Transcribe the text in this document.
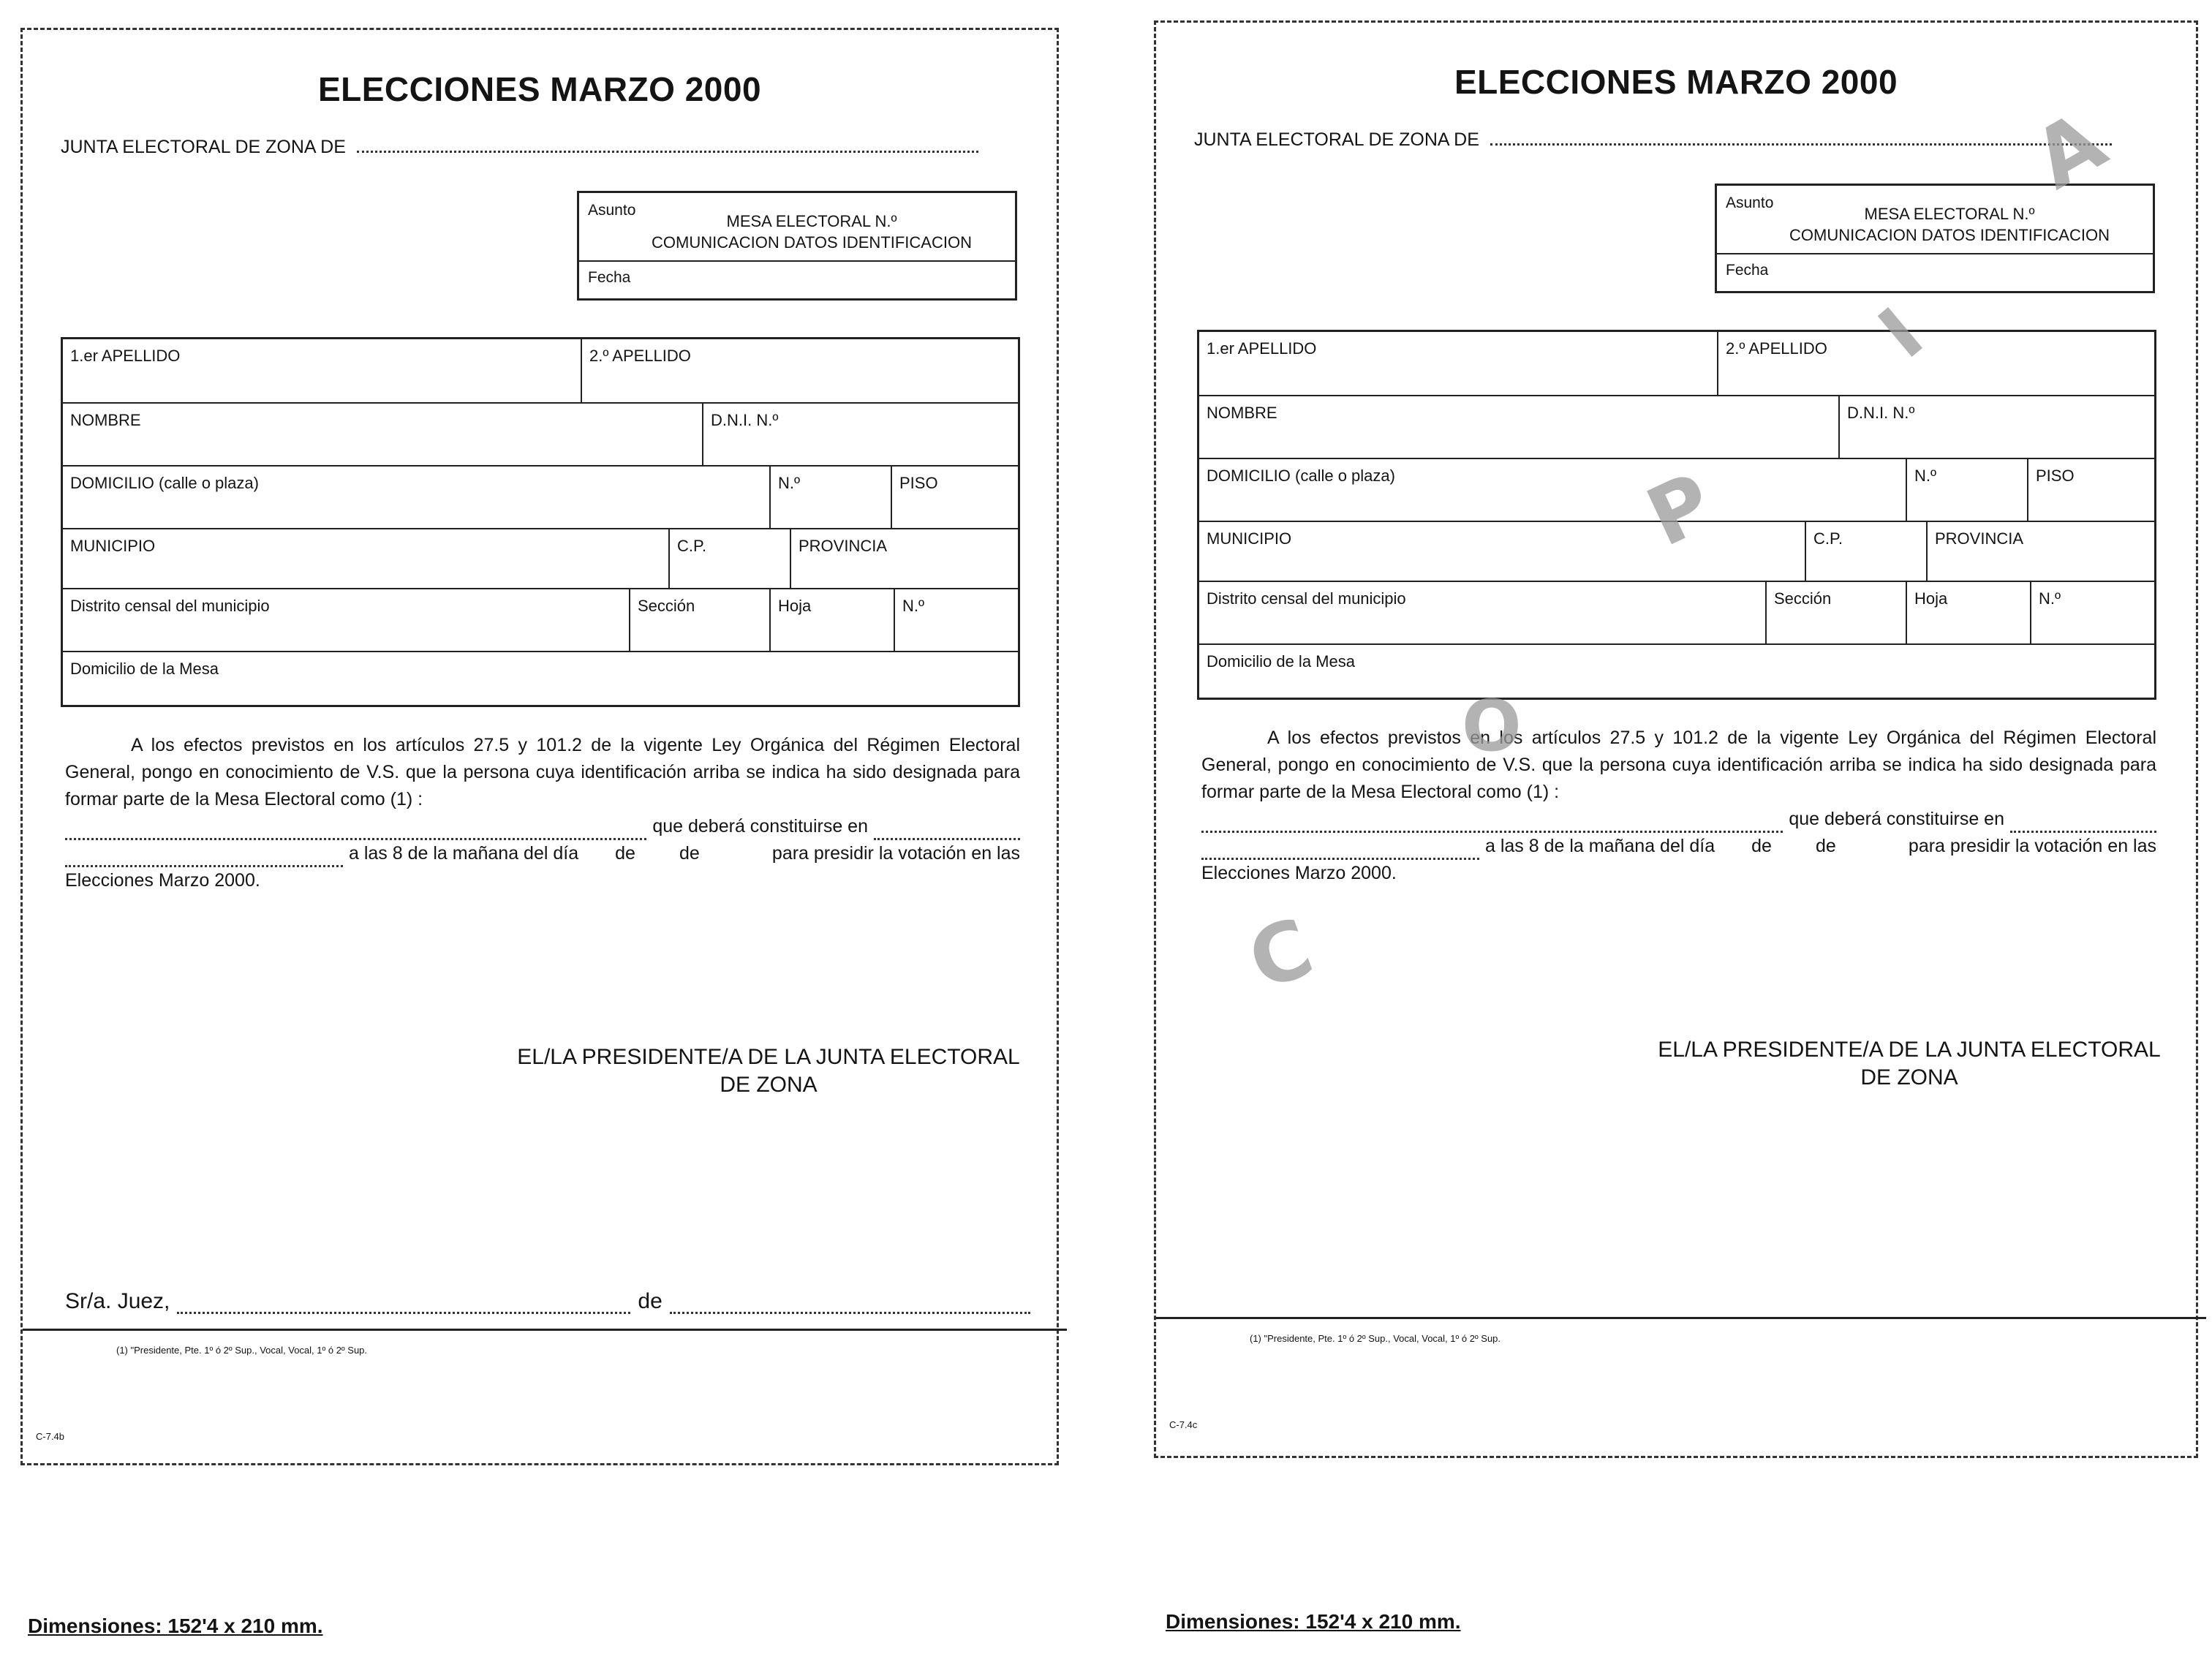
ELECCIONES MARZO 2000
JUNTA ELECTORAL DE ZONA DE
Asunto
MESA ELECTORAL N.º
COMUNICACION DATOS IDENTIFICACION
Fecha
1.er APELLIDO	2.º APELLIDO
NOMBRE	D.N.I. N.º
DOMICILIO (calle o plaza)	N.º	PISO
MUNICIPIO	C.P.	PROVINCIA
Distrito censal del municipio	Sección	Hoja	N.º
Domicilio de la Mesa

A los efectos previstos en los artículos 27.5 y 101.2 de la vigente Ley Orgánica del Régimen Electoral General, pongo en conocimiento de V.S. que la persona cuya identificación arriba se indica ha sido designada para formar parte de la Mesa Electoral como (1) :

que deberá constituirse en
a las 8 de la mañana del día de de	para presidir la votación en las

Elecciones Marzo 2000.

EL/LA PRESIDENTE/A DE LA JUNTA ELECTORAL
DE ZONA
Sr/a. Juez,	de
(1) "Presidente, Pte. 1º ó 2º Sup., Vocal, Vocal, 1º ó 2º Sup.
C-7.4b
Dimensiones: 152'4 x 210 mm.
ELECCIONES MARZO 2000
JUNTA ELECTORAL DE ZONA DE
Asunto
MESA ELECTORAL N.º
COMUNICACION DATOS IDENTIFICACION
Fecha
1.er APELLIDO	2.º APELLIDO
NOMBRE	D.N.I. N.º
DOMICILIO (calle o plaza)	N.º	PISO
MUNICIPIO	C.P.	PROVINCIA
Distrito censal del municipio	Sección	Hoja	N.º
Domicilio de la Mesa

A los efectos previstos en los artículos 27.5 y 101.2 de la vigente Ley Orgánica del Régimen Electoral General, pongo en conocimiento de V.S. que la persona cuya identificación arriba se indica ha sido designada para formar parte de la Mesa Electoral como (1) :

que deberá constituirse en
a las 8 de la mañana del día de de	para presidir la votación en las

Elecciones Marzo 2000.

EL/LA PRESIDENTE/A DE LA JUNTA ELECTORAL
DE ZONA
(1) "Presidente, Pte. 1º ó 2º Sup., Vocal, Vocal, 1º ó 2º Sup.
C-7.4c
C
O
P
I
A
Dimensiones: 152'4 x 210 mm.
